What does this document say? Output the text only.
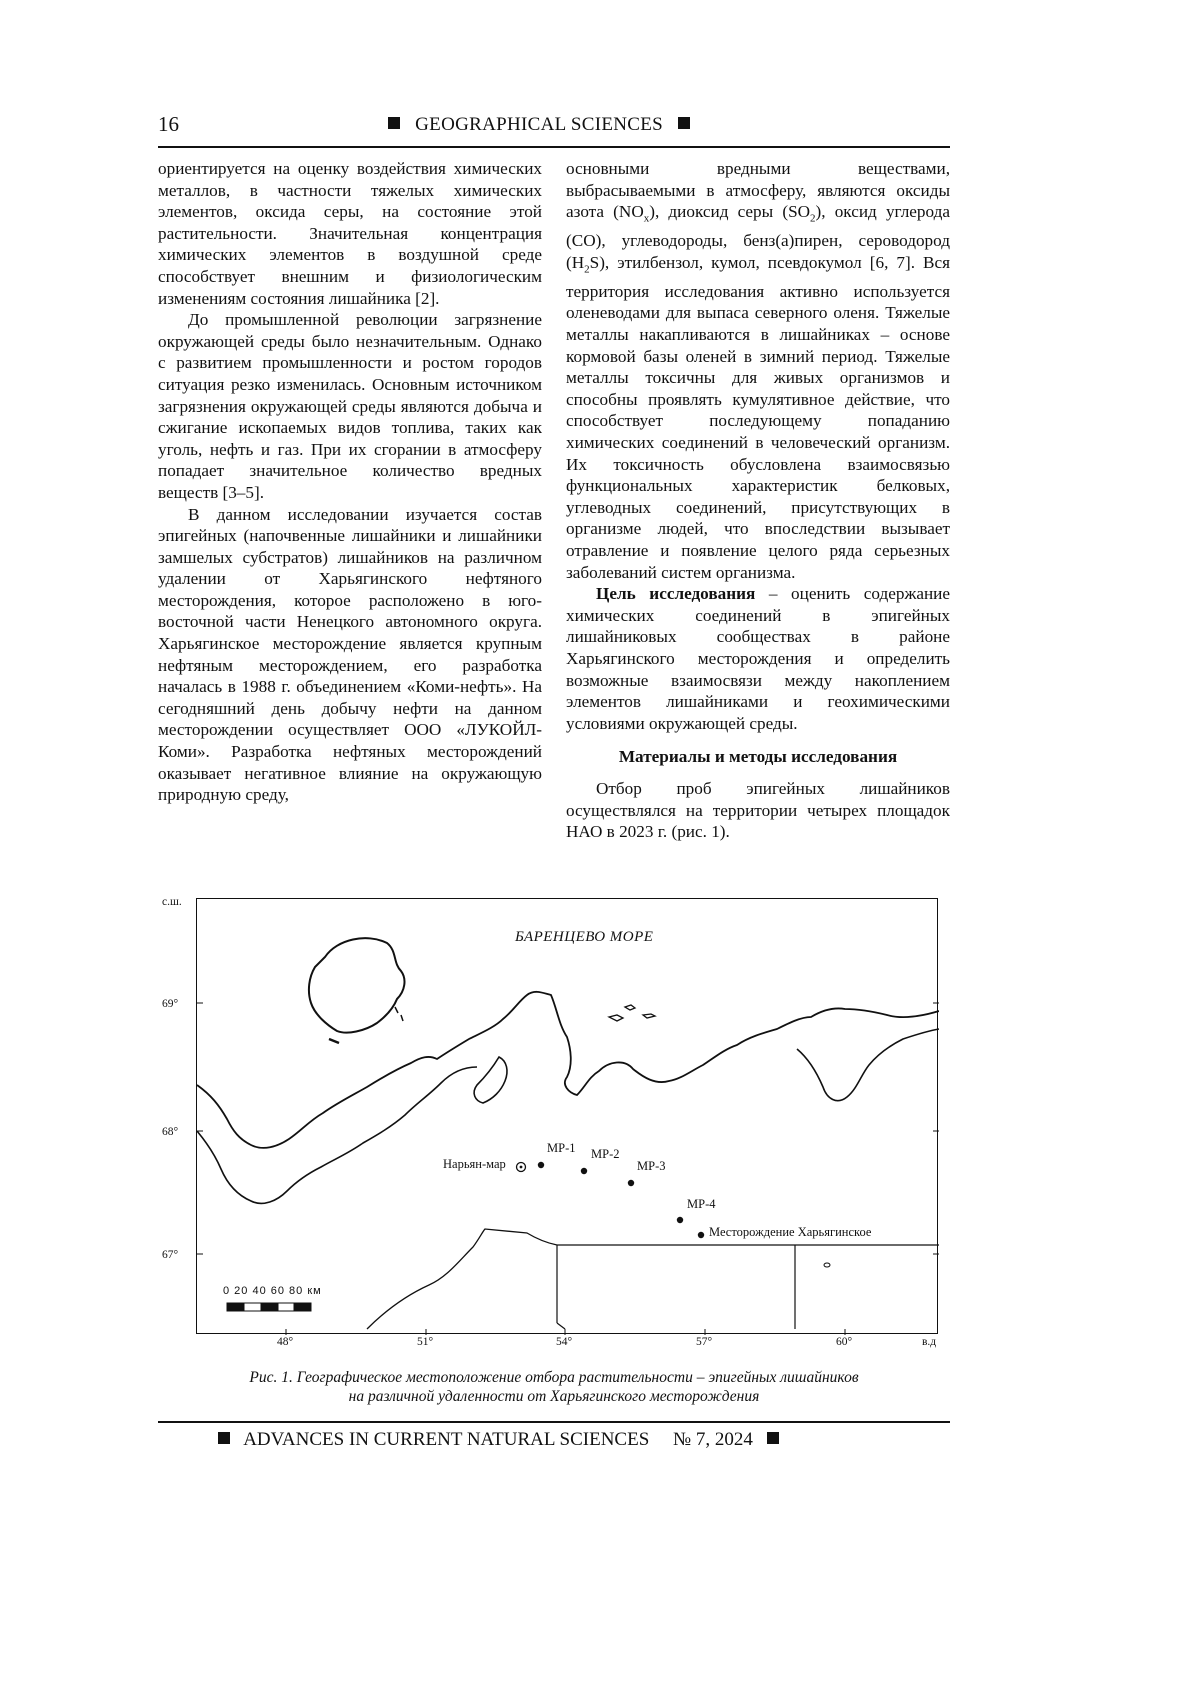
16	GEOGRAPHICAL SCIENCES

ориентируется на оценку воздействия химических металлов, в частности тяжелых химических элементов, оксида серы, на состояние этой растительности. Значительная концентрация химических элементов в воздушной среде способствует внешним и физиологическим изменениям состояния лишайника [2].

До промышленной революции загрязнение окружающей среды было незначительным. Однако с развитием промышленности и ростом городов ситуация резко изменилась. Основным источником загрязнения окружающей среды являются добыча и сжигание ископаемых видов топлива, таких как уголь, нефть и газ. При их сгорании в атмосферу попадает значительное количество вредных веществ [3–5].

В данном исследовании изучается состав эпигейных (напочвенные лишайники и лишайники замшелых субстратов) лишайников на различном удалении от Харьягинского нефтяного месторождения, которое расположено в юго-восточной части Ненецкого автономного округа. Харьягинское месторождение является крупным нефтяным месторождением, его разработка началась в 1988 г. объединением «Коми-нефть». На сегодняшний день добычу нефти на данном месторождении осуществляет ООО «ЛУКОЙЛ-Коми». Разработка нефтяных месторождений оказывает негативное влияние на окружающую природную среду,

основными вредными веществами, выбрасываемыми в атмосферу, являются оксиды азота $(NO_x)$, диоксид серы $(SO_2)$, оксид углерода (CO), углеводороды, бенз(а)пирен, сероводород $(H_2S)$, этилбензол, кумол, псевдокумол [6, 7]. Вся территория исследования активно используется оленеводами для выпаса северного оленя. Тяжелые металлы накапливаются в лишайниках – основе кормовой базы оленей в зимний период. Тяжелые металлы токсичны для живых организмов и способны проявлять кумулятивное действие, что способствует последующему попаданию химических соединений в человеческий организм. Их токсичность обусловлена взаимосвязью функциональных характеристик белковых, углеводных соединений, присутствующих в организме людей, что впоследствии вызывает отравление и появление целого ряда серьезных заболеваний систем организма.

Цель исследования – оценить содержание химических соединений в эпигейных лишайниковых сообществах в районе Харьягинского месторождения и определить возможные взаимосвязи между накоплением элементов лишайниками и геохимическими условиями окружающей среды.

Материалы и методы исследования

Отбор проб эпигейных лишайников осуществлялся на территории четырех площадок НАО в 2023 г. (рис. 1).

с.ш.
69°
68°
67°
48°	51°	54°	57°	60°	в.д
БАРЕНЦЕВО МОРЕ
Нарьян-мар
МР-1 МР-2
МР-3
МР-4
Месторождение Харьягинское
0 20 40 60 80 км
Рис. 1. Географическое местоположение отбора растительности – эпигейных лишайников
на различной удаленности от Харьягинского месторождения
ADVANCES IN CURRENT NATURAL SCIENCES № 7, 2024
